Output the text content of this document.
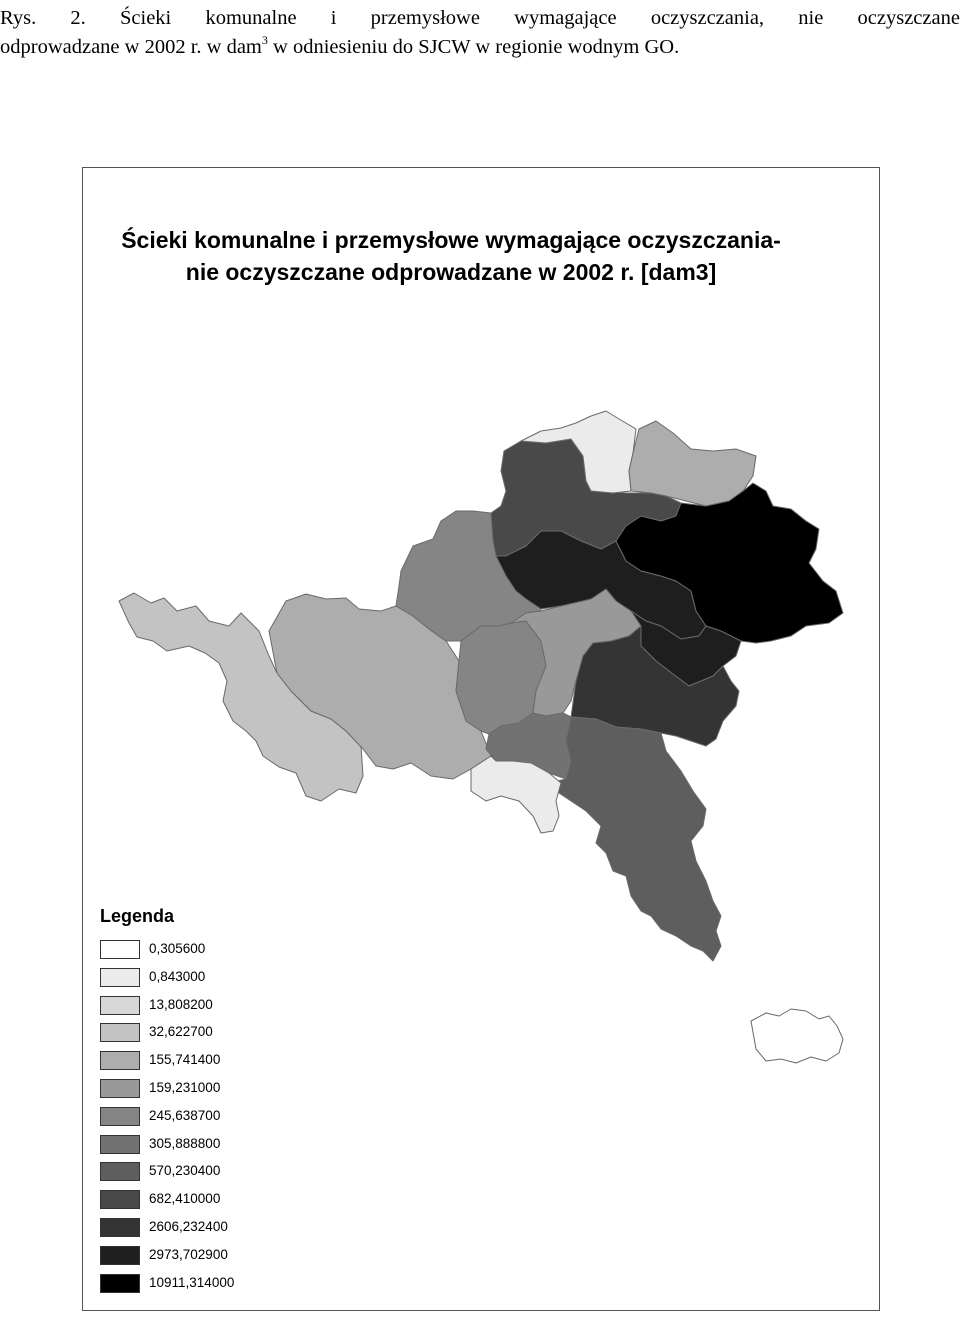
Rys. 2. Ścieki komunalne i przemysłowe wymagające oczyszczania, nie oczyszczane
odprowadzane w 2002 r. w dam$^3$ w odniesieniu do SJCW w regionie wodnym GO.
Ścieki komunalne i przemysłowe wymagające oczyszczania-
nie oczyszczane odprowadzane w 2002 r. [dam3]
Legenda
0,305600
0,843000
13,808200
32,622700
155,741400
159,231000
245,638700
305,888800
570,230400
682,410000
2606,232400
2973,702900
10911,314000
